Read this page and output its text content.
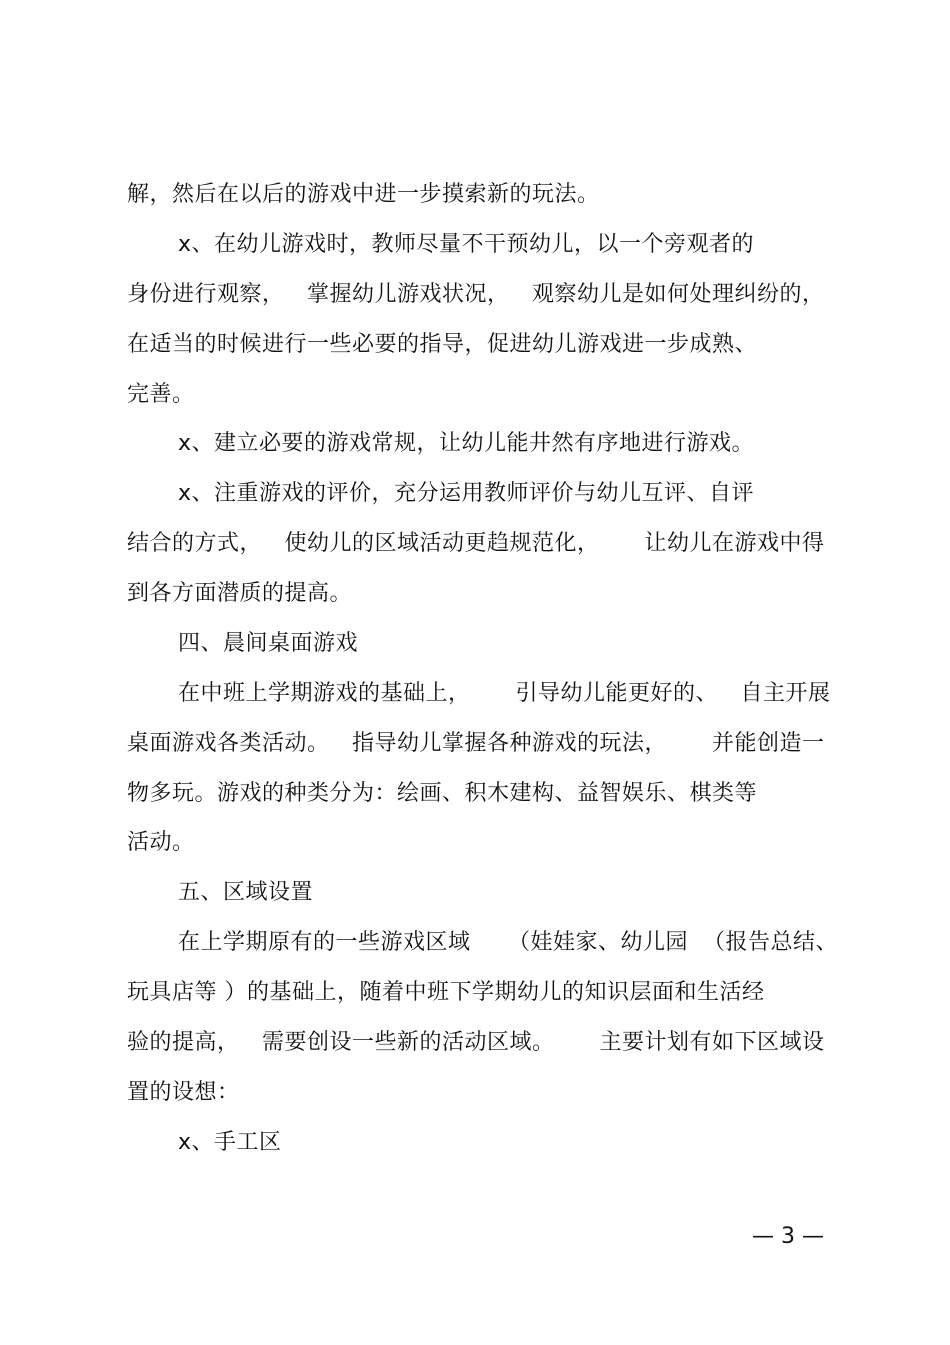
解，然后在以后的游戏中进一步摸索新的玩法。
x、在幼儿游戏时，教师尽量不干预幼儿，以一个旁观者的
身份进行观察，   掌握幼儿游戏状况，   观察幼儿是如何处理纠纷的，
在适当的时候进行一些必要的指导，促进幼儿游戏进一步成熟、
完善。
x、建立必要的游戏常规，让幼儿能井然有序地进行游戏。
x、注重游戏的评价，充分运用教师评价与幼儿互评、自评
结合的方式，   使幼儿的区域活动更趋规范化，      让幼儿在游戏中得
到各方面潜质的提高。
四、晨间桌面游戏
在中班上学期游戏的基础上，      引导幼儿能更好的、   自主开展
桌面游戏各类活动。   指导幼儿掌握各种游戏的玩法，      并能创造一
物多玩。游戏的种类分为：绘画、积木建构、益智娱乐、棋类等
活动。
五、区域设置
在上学期原有的一些游戏区域     （娃娃家、幼儿园  （报告总结、
玩具店等 ）的基础上，随着中班下学期幼儿的知识层面和生活经
验的提高，   需要创设一些新的活动区域。      主要计划有如下区域设
置的设想：
x、手工区
— 3 —
